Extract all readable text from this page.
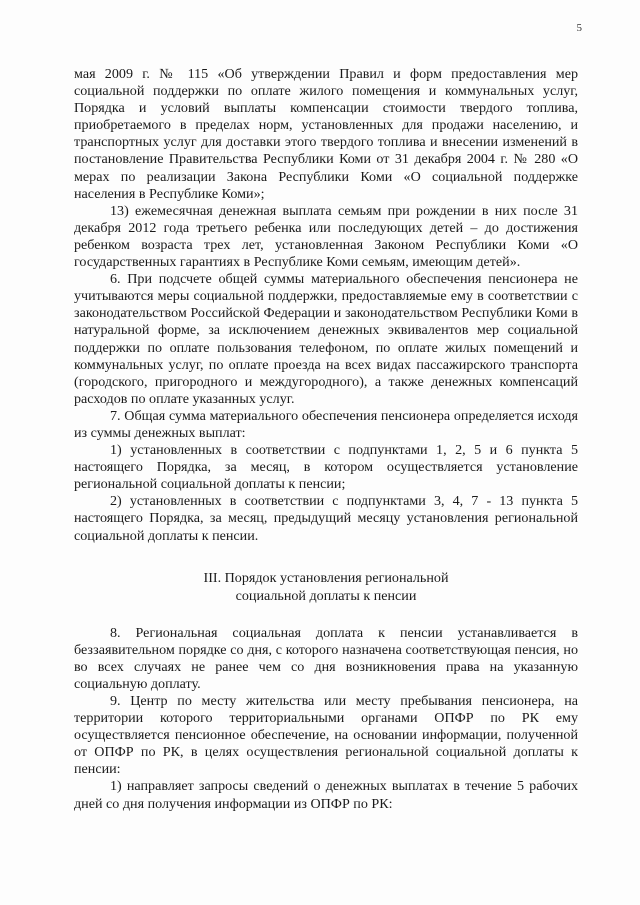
5

мая 2009 г. № 115 «Об утверждении Правил и форм предоставления мер социальной поддержки по оплате жилого помещения и коммунальных услуг, Порядка и условий выплаты компенсации стоимости твердого топлива, приобретаемого в пределах норм, установленных для продажи населению, и транспортных услуг для доставки этого твердого топлива и внесении изменений в постановление Правительства Республики Коми от 31 декабря 2004 г. № 280 «О мерах по реализации Закона Республики Коми «О социальной поддержке населения в Республике Коми»;

13) ежемесячная денежная выплата семьям при рождении в них после 31 декабря 2012 года третьего ребенка или последующих детей – до достижения ребенком возраста трех лет, установленная Законом Республики Коми «О государственных гарантиях в Республике Коми семьям, имеющим детей».

6. При подсчете общей суммы материального обеспечения пенсионера не учитываются меры социальной поддержки, предоставляемые ему в соответствии с законодательством Российской Федерации и законодательством Республики Коми в натуральной форме, за исключением денежных эквивалентов мер социальной поддержки по оплате пользования телефоном, по оплате жилых помещений и коммунальных услуг, по оплате проезда на всех видах пассажирского транспорта (городского, пригородного и междугородного), а также денежных компенсаций расходов по оплате указанных услуг.

7. Общая сумма материального обеспечения пенсионера определяется исходя из суммы денежных выплат:

1) установленных в соответствии с подпунктами 1, 2, 5 и 6 пункта 5 настоящего Порядка, за месяц, в котором осуществляется установление региональной социальной доплаты к пенсии;

2) установленных в соответствии с подпунктами 3, 4, 7 - 13 пункта 5 настоящего Порядка, за месяц, предыдущий месяцу установления региональной социальной доплаты к пенсии.

III. Порядок установления региональной
социальной доплаты к пенсии

8. Региональная социальная доплата к пенсии устанавливается в беззаявительном порядке со дня, с которого назначена соответствующая пенсия, но во всех случаях не ранее чем со дня возникновения права на указанную социальную доплату.

9. Центр по месту жительства или месту пребывания пенсионера, на территории которого территориальными органами ОПФР по РК ему осуществляется пенсионное обеспечение, на основании информации, полученной от ОПФР по РК, в целях осуществления региональной социальной доплаты к пенсии:

1) направляет запросы сведений о денежных выплатах в течение 5 рабочих дней со дня получения информации из ОПФР по РК:
